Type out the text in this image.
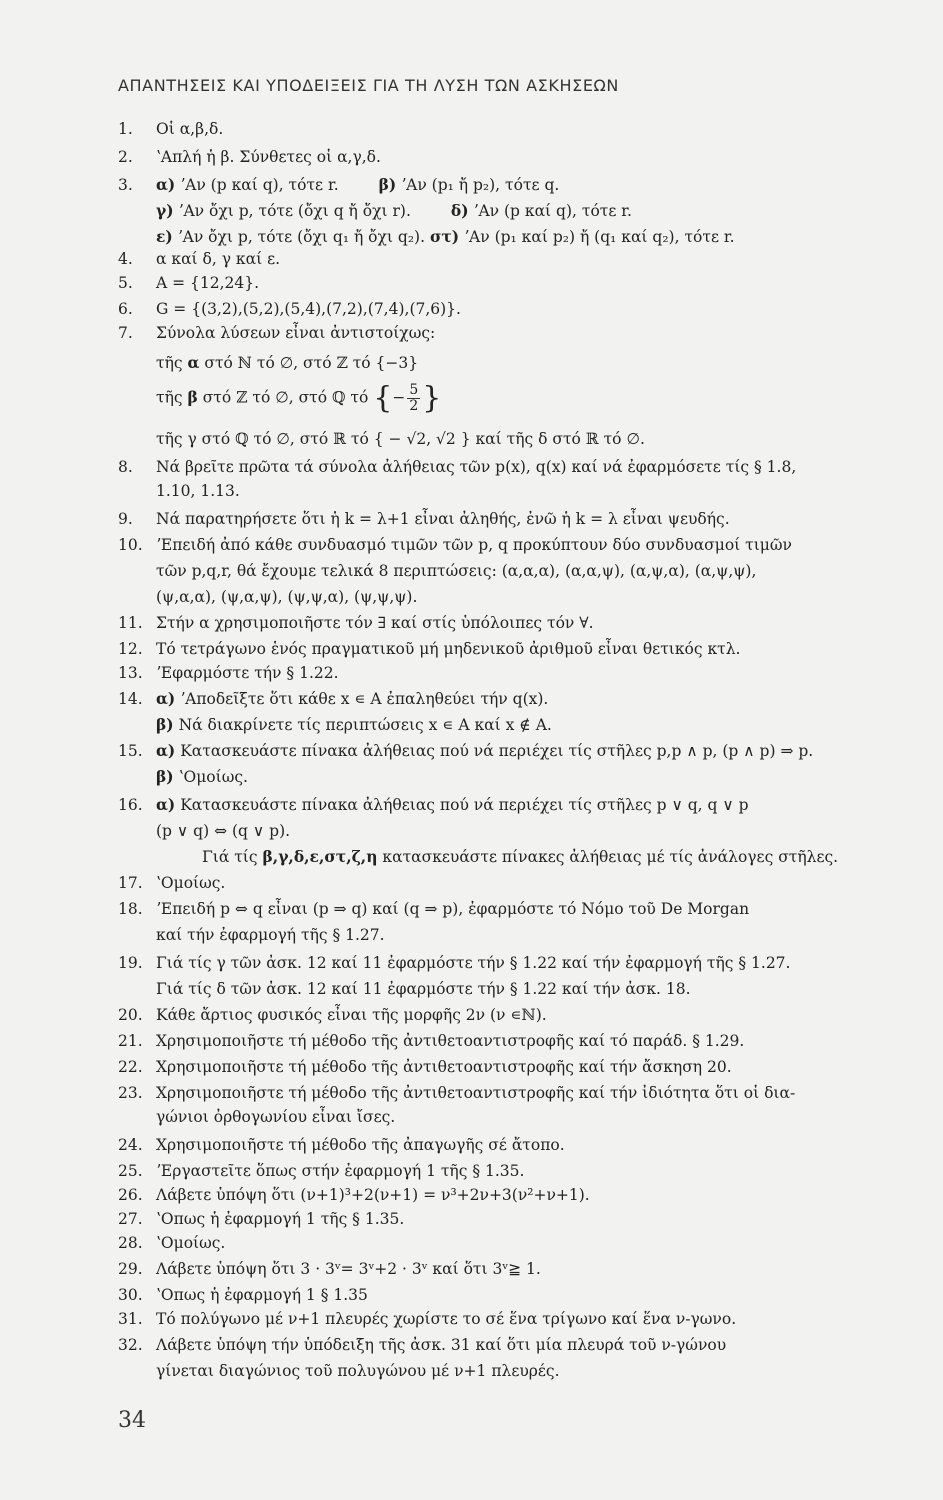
ΑΠΑΝΤΗΣΕΙΣ ΚΑΙ ΥΠΟΔΕΙΞΕΙΣ ΓΙΑ ΤΗ ΛΥΣΗ ΤΩΝ ΑΣΚΗΣΕΩΝ
1. Οἱ α,β,δ.
2. ʽΑπλή ἡ β. Σύνθετες οἱ α,γ,δ.
3. α) ʼΑν (p καί q), τότε r.	β) ʼΑν (p₁ ἤ p₂), τότε q.
γ) ʼΑν ὄχι p, τότε (ὄχι q ἤ ὄχι r).	δ) ʼΑν (p καί q), τότε r.
ε) ʼΑν ὄχι p, τότε (ὄχι q₁ ἤ ὄχι q₂). στ) ʼΑν (p₁ καί p₂) ἤ (q₁ καί q₂), τότε r.
4. α καί δ, γ καί ε.
5. A = {12,24}.
6. G = {(3,2),(5,2),(5,4),(7,2),(7,4),(7,6)}.
7. Σύνολα λύσεων εἶναι ἀντιστοίχως:
τῆς α στό ℕ τό ∅, στό ℤ τό {−3}
τῆς β στό ℤ τό ∅, στό ℚ τό {− $\frac{5}{2}$ }
τῆς γ στό ℚ τό ∅, στό ℝ τό { − √2, √2 } καί τῆς δ στό ℝ τό ∅.
8. Νά βρεῖτε πρῶτα τά σύνολα ἀλήθειας τῶν p(x), q(x) καί νά ἐφαρμόσετε τίς § 1.8,
1.10, 1.13.
9. Νά παρατηρήσετε ὅτι ἡ k = λ+1 εἶναι ἀληθής, ἐνῶ ἡ k = λ εἶναι ψευδής.
10. ʼΕπειδή ἀπό κάθε συνδυασμό τιμῶν τῶν p, q προκύπτουν δύο συνδυασμοί τιμῶν
τῶν p,q,r, θά ἔχουμε τελικά 8 περιπτώσεις: (α,α,α), (α,α,ψ), (α,ψ,α), (α,ψ,ψ),
(ψ,α,α), (ψ,α,ψ), (ψ,ψ,α), (ψ,ψ,ψ).
11. Στήν α χρησιμοποιῆστε τόν ∃ καί στίς ὑπόλοιπες τόν ∀.
12. Τό τετράγωνο ἑνός πραγματικοῦ μή μηδενικοῦ ἀριθμοῦ εἶναι θετικός κτλ.
13. ʼΕφαρμόστε τήν § 1.22.
14. α) ʼΑποδεῖξτε ὅτι κάθε x ∊ A ἐπαληθεύει τήν q(x).
β) Νά διακρίνετε τίς περιπτώσεις x ∊ A καί x ∉ A.
15. α) Κατασκευάστε πίνακα ἀλήθειας πού νά περιέχει τίς στῆλες p,p ∧ p, (p ∧ p) ⇒ p.
β) ʽΟμοίως.
16. α) Κατασκευάστε πίνακα ἀλήθειας πού νά περιέχει τίς στῆλες p ∨ q, q ∨ p
(p ∨ q) ⇔ (q ∨ p).
Γιά τίς β,γ,δ,ε,στ,ζ,η κατασκευάστε πίνακες ἀλήθειας μέ τίς ἀνάλογες στῆλες.
17. ʽΟμοίως.
18. ʼΕπειδή p ⇔ q εἶναι (p ⇒ q) καί (q ⇒ p), ἐφαρμόστε τό Νόμο τοῦ De Morgan
καί τήν ἐφαρμογή τῆς § 1.27.
19. Γιά τίς γ τῶν ἀσκ. 12 καί 11 ἐφαρμόστε τήν § 1.22 καί τήν ἐφαρμογή τῆς § 1.27.
Γιά τίς δ τῶν ἀσκ. 12 καί 11 ἐφαρμόστε τήν § 1.22 καί τήν ἀσκ. 18.
20. Κάθε ἄρτιος φυσικός εἶναι τῆς μορφῆς 2ν (ν ∊ℕ).
21. Χρησιμοποιῆστε τή μέθοδο τῆς ἀντιθετοαντιστροφῆς καί τό παράδ. § 1.29.
22. Χρησιμοποιῆστε τή μέθοδο τῆς ἀντιθετοαντιστροφῆς καί τήν ἄσκηση 20.
23. Χρησιμοποιῆστε τή μέθοδο τῆς ἀντιθετοαντιστροφῆς καί τήν ἰδιότητα ὅτι οἱ δια-
γώνιοι ὀρθογωνίου εἶναι ἴσες.
24. Χρησιμοποιῆστε τή μέθοδο τῆς ἀπαγωγῆς σέ ἄτοπο.
25. ʼΕργαστεῖτε ὅπως στήν ἐφαρμογή 1 τῆς § 1.35.
26. Λάβετε ὑπόψη ὅτι (ν+1)³+2(ν+1) = ν³+2ν+3(ν²+ν+1).
27. ʽΟπως ἡ ἐφαρμογή 1 τῆς § 1.35.
28. ʽΟμοίως.
29. Λάβετε ὑπόψη ὅτι 3 · 3ᵛ= 3ᵛ+2 · 3ᵛ καί ὅτι 3ᵛ≧ 1.
30. ʽΟπως ἡ ἐφαρμογή 1 § 1.35
31. Τό πολύγωνο μέ ν+1 πλευρές χωρίστε το σέ ἕνα τρίγωνο καί ἕνα ν-γωνο.
32. Λάβετε ὑπόψη τήν ὑπόδειξη τῆς ἀσκ. 31 καί ὅτι μία πλευρά τοῦ ν-γώνου
γίνεται διαγώνιος τοῦ πολυγώνου μέ ν+1 πλευρές.
34
